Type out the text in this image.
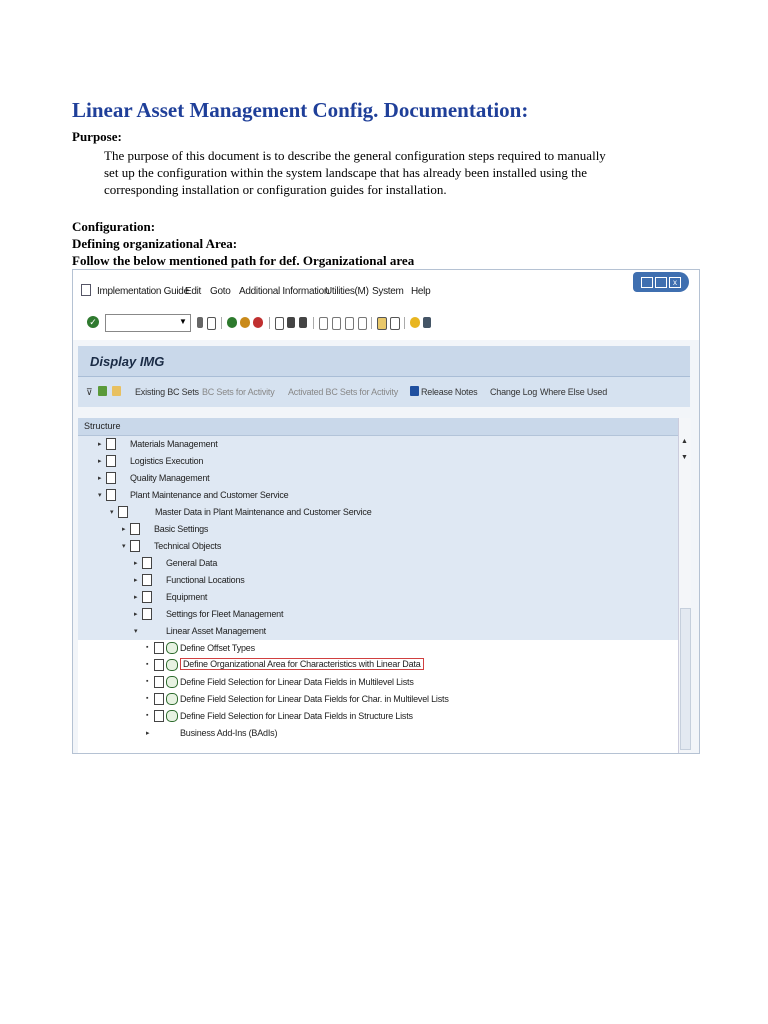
Linear Asset Management Config. Documentation:
Purpose:
The purpose of this document is to describe the general configuration steps required to manually
set up the configuration within the system landscape that has already been installed using the
corresponding installation or configuration guides for installation.
Configuration:
Defining organizational Area:
Follow the below mentioned path for def. Organizational area
Implementation Guide
Edit Goto Additional Information
Utilities(M) System Help
x
✓	▼
Display IMG
⊽	Existing BC Sets BC Sets for Activity Activated BC Sets for Activity	Release Notes Change Log Where Else Used
Structure
▸	Materials Management
▸	Logistics Execution
▸	Quality Management
▾	Plant Maintenance and Customer Service
▾	Master Data in Plant Maintenance and Customer Service
▸	Basic Settings
▾	Technical Objects
▸	General Data
▸	Functional Locations
▸	Equipment
▸	Settings for Fleet Management
▾	Linear Asset Management
▪	Define Offset Types
▪	Define Organizational Area for Characteristics with Linear Data
▪	Define Field Selection for Linear Data Fields in Multilevel Lists
▪	Define Field Selection for Linear Data Fields for Char. in Multilevel Lists
▪	Define Field Selection for Linear Data Fields in Structure Lists
▸	Business Add-Ins (BAdIs)
▲
▼
